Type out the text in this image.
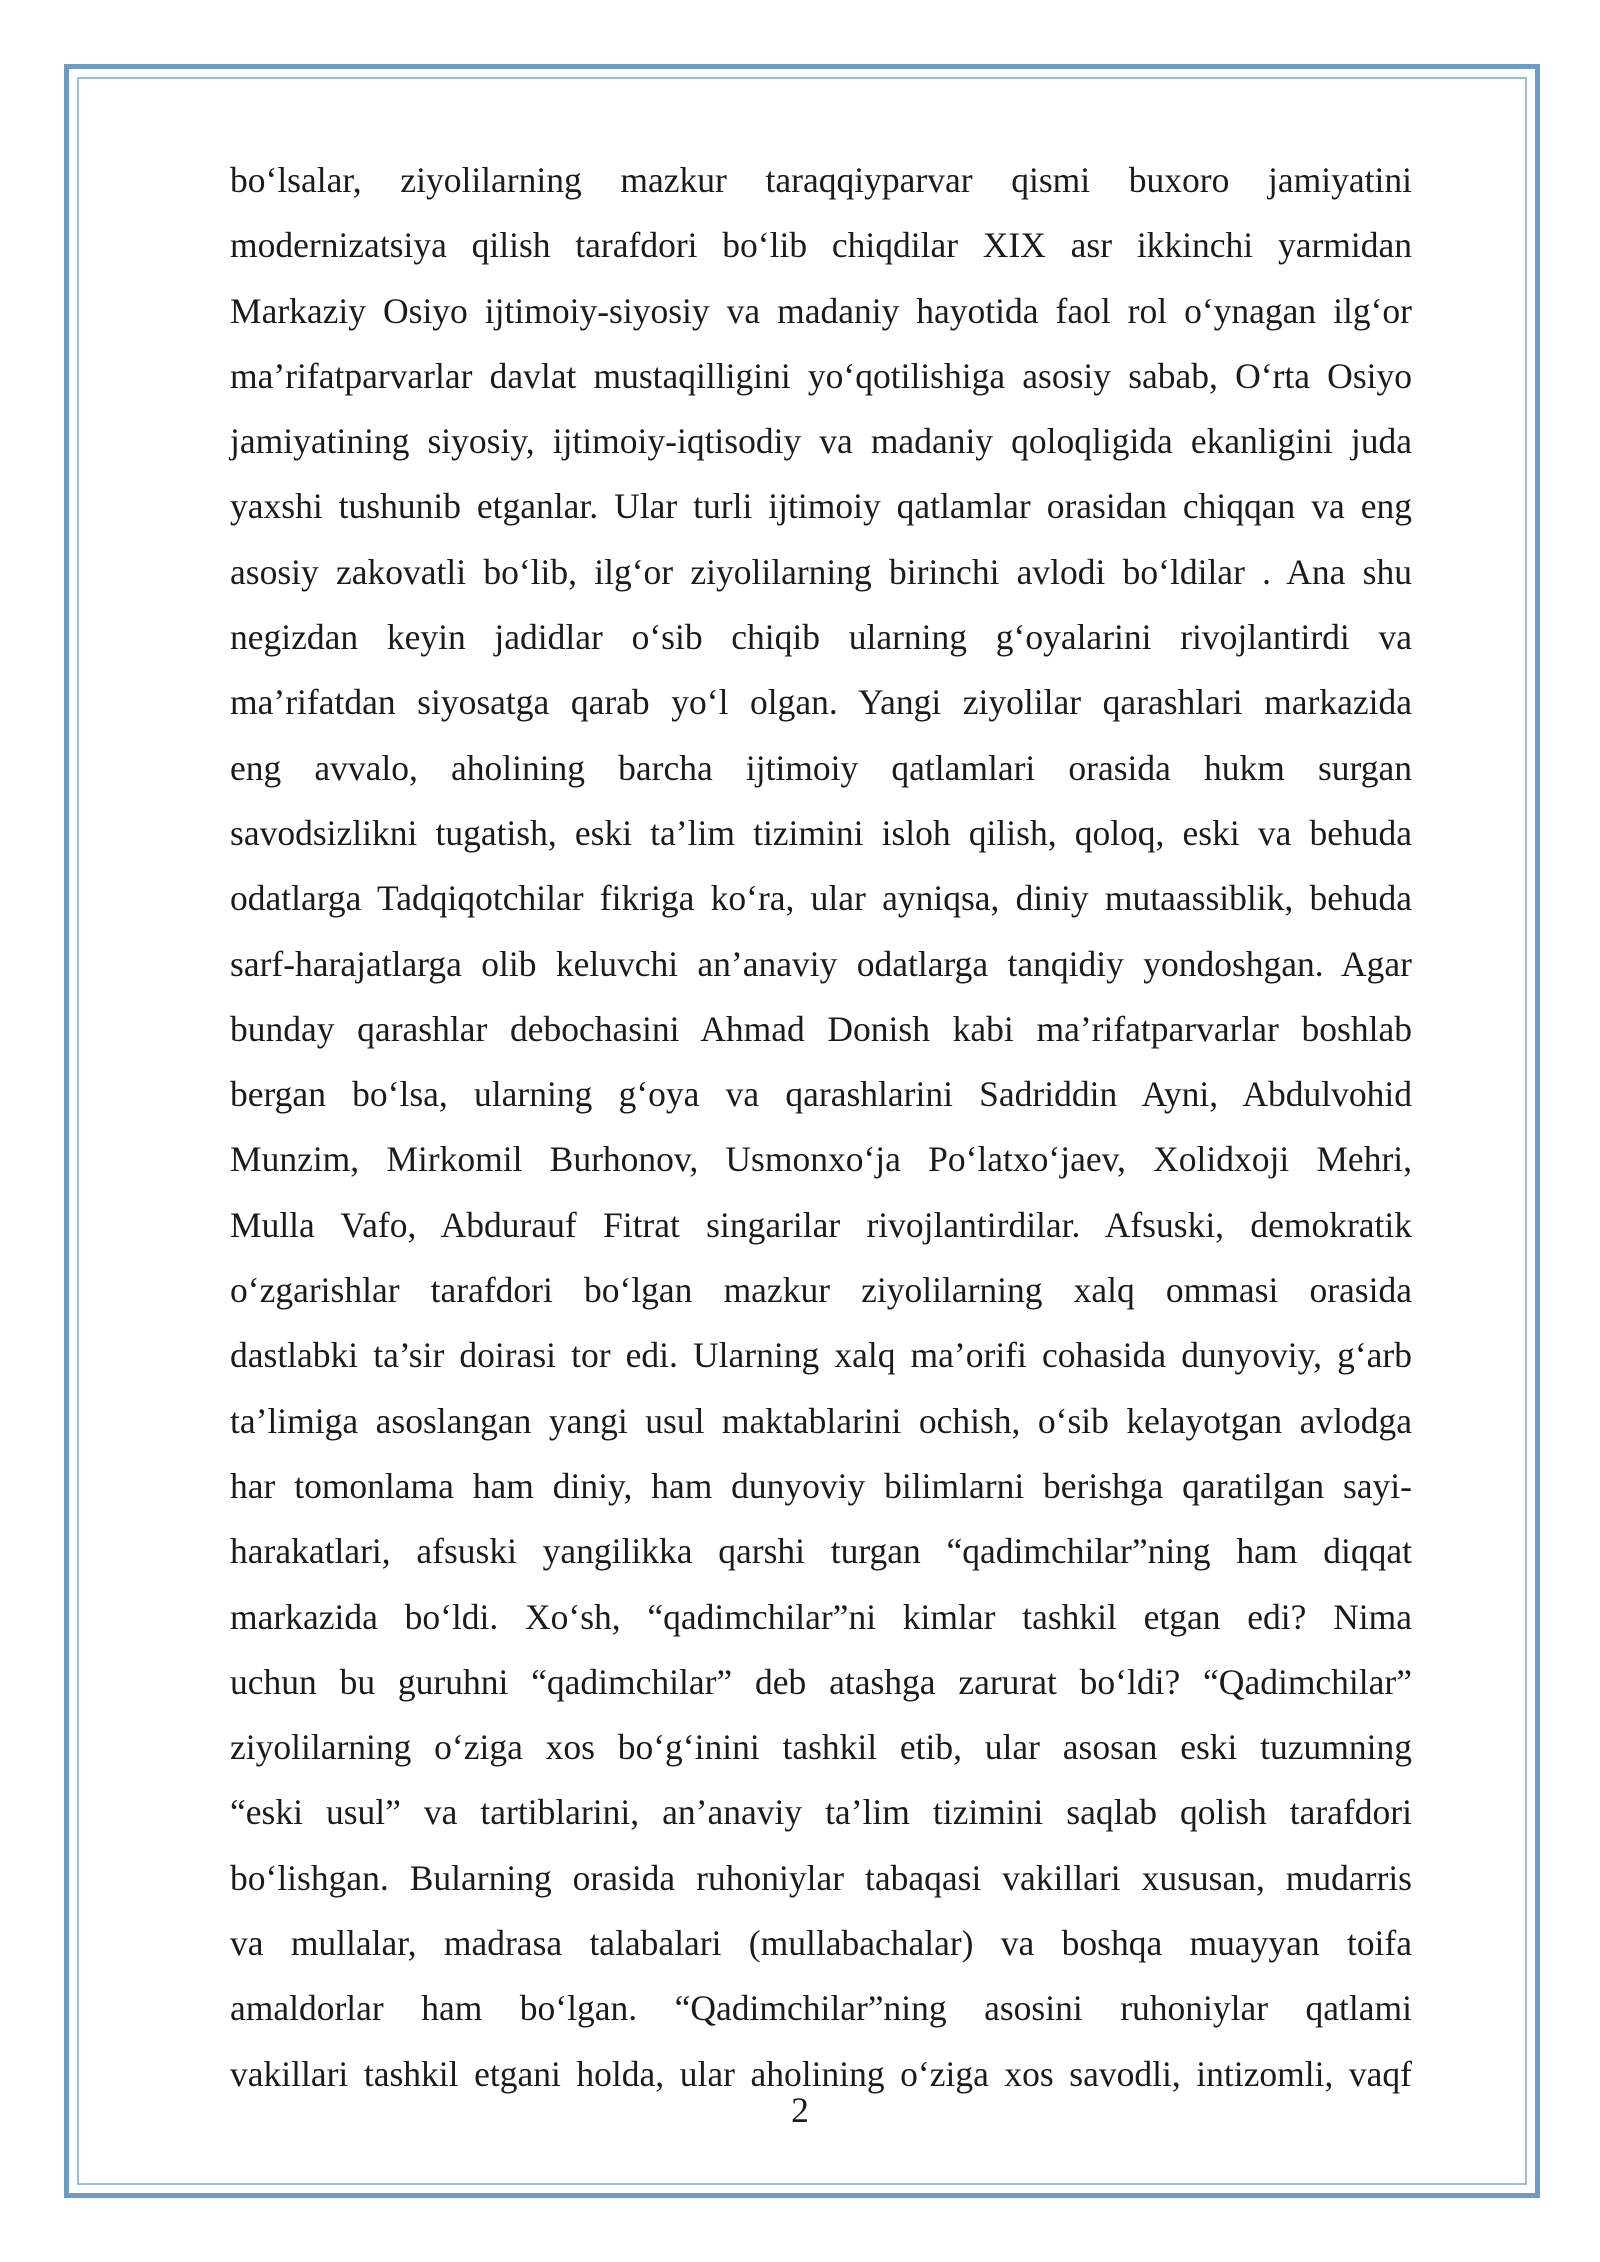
bo‘lsalar, ziyolilarning mazkur taraqqiyparvar qismi buxoro jamiyatini
modernizatsiya qilish tarafdori bo‘lib chiqdilar XIX asr ikkinchi yarmidan
Markaziy Osiyo ijtimoiy-siyosiy va madaniy hayotida faol rol o‘ynagan ilg‘or
ma’rifatparvarlar davlat mustaqilligini yo‘qotilishiga asosiy sabab, O‘rta Osiyo
jamiyatining siyosiy, ijtimoiy-iqtisodiy va madaniy qoloqligida ekanligini juda
yaxshi tushunib etganlar. Ular turli ijtimoiy qatlamlar orasidan chiqqan va eng
asosiy zakovatli bo‘lib, ilg‘or ziyolilarning birinchi avlodi bo‘ldilar . Ana shu
negizdan keyin jadidlar o‘sib chiqib ularning g‘oyalarini rivojlantirdi va
ma’rifatdan siyosatga qarab yo‘l olgan. Yangi ziyolilar qarashlari markazida
eng avvalo, aholining barcha ijtimoiy qatlamlari orasida hukm surgan
savodsizlikni tugatish, eski ta’lim tizimini isloh qilish, qoloq, eski va behuda
odatlarga Tadqiqotchilar fikriga ko‘ra, ular ayniqsa, diniy mutaassiblik, behuda
sarf-harajatlarga olib keluvchi an’anaviy odatlarga tanqidiy yondoshgan. Agar
bunday qarashlar debochasini Ahmad Donish kabi ma’rifatparvarlar boshlab
bergan bo‘lsa, ularning g‘oya va qarashlarini Sadriddin Ayni, Abdulvohid
Munzim, Mirkomil Burhonov, Usmonxo‘ja Po‘latxo‘jaev, Xolidxoji Mehri,
Mulla Vafo, Abdurauf Fitrat singarilar rivojlantirdilar. Afsuski, demokratik
o‘zgarishlar tarafdori bo‘lgan mazkur ziyolilarning xalq ommasi orasida
dastlabki ta’sir doirasi tor edi. Ularning xalq ma’orifi cohasida dunyoviy, g‘arb
ta’limiga asoslangan yangi usul maktablarini ochish, o‘sib kelayotgan avlodga
har tomonlama ham diniy, ham dunyoviy bilimlarni berishga qaratilgan sayi-
harakatlari, afsuski yangilikka qarshi turgan “qadimchilar”ning ham diqqat
markazida bo‘ldi. Xo‘sh, “qadimchilar”ni kimlar tashkil etgan edi? Nima
uchun bu guruhni “qadimchilar” deb atashga zarurat bo‘ldi? “Qadimchilar”
ziyolilarning o‘ziga xos bo‘g‘inini tashkil etib, ular asosan eski tuzumning
“eski usul” va tartiblarini, an’anaviy ta’lim tizimini saqlab qolish tarafdori
bo‘lishgan. Bularning orasida ruhoniylar tabaqasi vakillari xususan, mudarris
va mullalar, madrasa talabalari (mullabachalar) va boshqa muayyan toifa
amaldorlar ham bo‘lgan. “Qadimchilar”ning asosini ruhoniylar qatlami
vakillari tashkil etgani holda, ular aholining o‘ziga xos savodli, intizomli, vaqf
2
